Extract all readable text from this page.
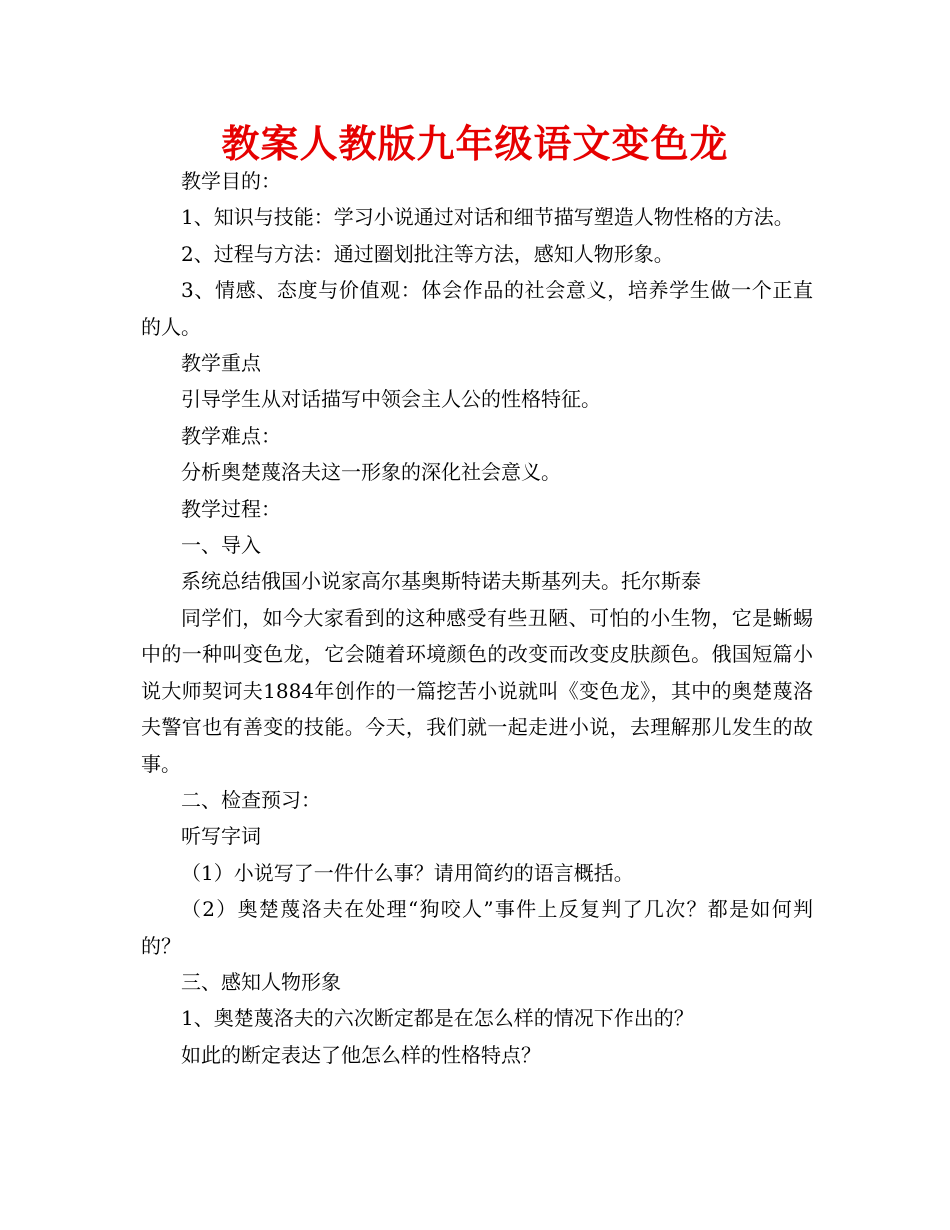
教案人教版九年级语文变色龙

教学目的：

1、知识与技能：学习小说通过对话和细节描写塑造人物性格的方法。

2、过程与方法：通过圈划批注等方法，感知人物形象。

3、情感、态度与价值观：体会作品的社会意义，培养学生做一个正直的人。

教学重点

引导学生从对话描写中领会主人公的性格特征。

教学难点：

分析奥楚蔑洛夫这一形象的深化社会意义。

教学过程：

一、导入

系统总结俄国小说家高尔基奥斯特诺夫斯基列夫。托尔斯泰

同学们，如今大家看到的这种感受有些丑陋、可怕的小生物，它是蜥蜴中的一种叫变色龙，它会随着环境颜色的改变而改变皮肤颜色。俄国短篇小说大师契诃夫1884年创作的一篇挖苦小说就叫《变色龙》，其中的奥楚蔑洛夫警官也有善变的技能。今天，我们就一起走进小说，去理解那儿发生的故事。

二、检查预习：

听写字词

（1）小说写了一件什么事？请用简约的语言概括。

（2）奥楚蔑洛夫在处理“狗咬人”事件上反复判了几次？都是如何判的？

三、感知人物形象

1、奥楚蔑洛夫的六次断定都是在怎么样的情况下作出的？

如此的断定表达了他怎么样的性格特点？
